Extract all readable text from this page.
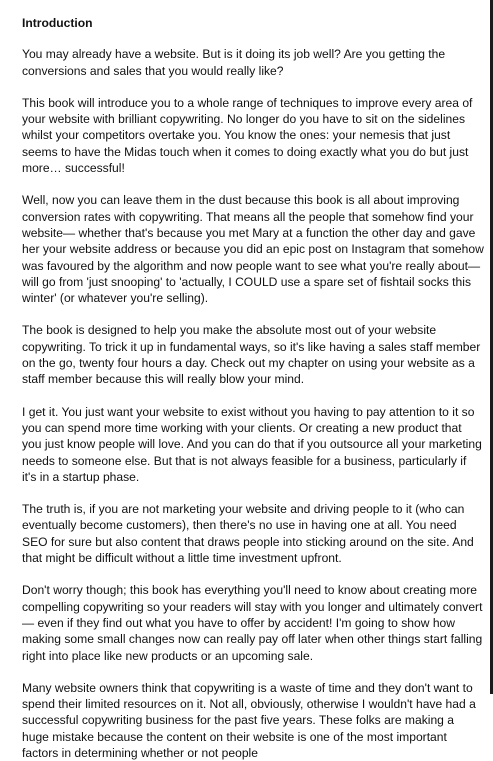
Introduction

You may already have a website. But is it doing its job well? Are you getting the conversions and sales that you would really like?

This book will introduce you to a whole range of techniques to improve every area of your website with brilliant copywriting. No longer do you have to sit on the sidelines whilst your competitors overtake you. You know the ones: your nemesis that just seems to have the Midas touch when it comes to doing exactly what you do but just more… successful!

Well, now you can leave them in the dust because this book is all about improving conversion rates with copywriting. That means all the people that somehow find your website— whether that's because you met Mary at a function the other day and gave her your website address or because you did an epic post on Instagram that somehow was favoured by the algorithm and now people want to see what you're really about— will go from 'just snooping' to 'actually, I COULD use a spare set of fishtail socks this winter' (or whatever you're selling).

The book is designed to help you make the absolute most out of your website copywriting. To trick it up in fundamental ways, so it's like having a sales staff member on the go, twenty four hours a day. Check out my chapter on using your website as a staff member because this will really blow your mind.

I get it. You just want your website to exist without you having to pay attention to it so you can spend more time working with your clients. Or creating a new product that you just know people will love. And you can do that if you outsource all your marketing needs to someone else. But that is not always feasible for a business, particularly if it's in a startup phase.

The truth is, if you are not marketing your website and driving people to it (who can eventually become customers), then there's no use in having one at all. You need SEO for sure but also content that draws people into sticking around on the site. And that might be difficult without a little time investment upfront.

Don't worry though; this book has everything you'll need to know about creating more compelling copywriting so your readers will stay with you longer and ultimately convert— even if they find out what you have to offer by accident! I'm going to show how making some small changes now can really pay off later when other things start falling right into place like new products or an upcoming sale.

Many website owners think that copywriting is a waste of time and they don't want to spend their limited resources on it. Not all, obviously, otherwise I wouldn't have had a successful copywriting business for the past five years. These folks are making a huge mistake because the content on their website is one of the most important factors in determining whether or not people
